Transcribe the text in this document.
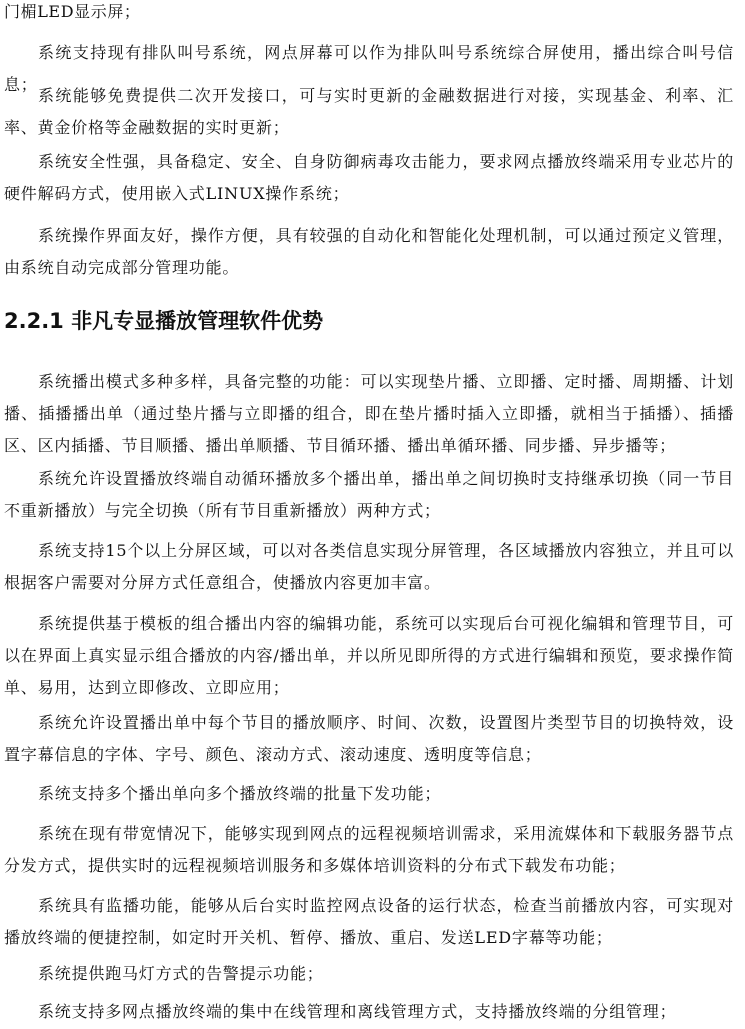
门楣LED显示屏；

系统支持现有排队叫号系统，网点屏幕可以作为排队叫号系统综合屏使用，播出综合叫号信息；

系统能够免费提供二次开发接口，可与实时更新的金融数据进行对接，实现基金、利率、汇率、黄金价格等金融数据的实时更新；

系统安全性强，具备稳定、安全、自身防御病毒攻击能力，要求网点播放终端采用专业芯片的硬件解码方式，使用嵌入式LINUX操作系统；

系统操作界面友好，操作方便，具有较强的自动化和智能化处理机制，可以通过预定义管理，由系统自动完成部分管理功能。

2.2.1 非凡专显播放管理软件优势

系统播出模式多种多样，具备完整的功能：可以实现垫片播、立即播、定时播、周期播、计划播、插播播出单（通过垫片播与立即播的组合，即在垫片播时插入立即播，就相当于插播）、插播区、区内插播、节目顺播、播出单顺播、节目循环播、播出单循环播、同步播、异步播等；

系统允许设置播放终端自动循环播放多个播出单，播出单之间切换时支持继承切换（同一节目不重新播放）与完全切换（所有节目重新播放）两种方式；

系统支持15个以上分屏区域，可以对各类信息实现分屏管理，各区域播放内容独立，并且可以根据客户需要对分屏方式任意组合，使播放内容更加丰富。

系统提供基于模板的组合播出内容的编辑功能，系统可以实现后台可视化编辑和管理节目，可以在界面上真实显示组合播放的内容/播出单，并以所见即所得的方式进行编辑和预览，要求操作简单、易用，达到立即修改、立即应用；

系统允许设置播出单中每个节目的播放顺序、时间、次数，设置图片类型节目的切换特效，设置字幕信息的字体、字号、颜色、滚动方式、滚动速度、透明度等信息；

系统支持多个播出单向多个播放终端的批量下发功能；

系统在现有带宽情况下，能够实现到网点的远程视频培训需求，采用流媒体和下载服务器节点分发方式，提供实时的远程视频培训服务和多媒体培训资料的分布式下载发布功能；

系统具有监播功能，能够从后台实时监控网点设备的运行状态，检查当前播放内容，可实现对播放终端的便捷控制，如定时开关机、暂停、播放、重启、发送LED字幕等功能；

系统提供跑马灯方式的告警提示功能；

系统支持多网点播放终端的集中在线管理和离线管理方式，支持播放终端的分组管理；
